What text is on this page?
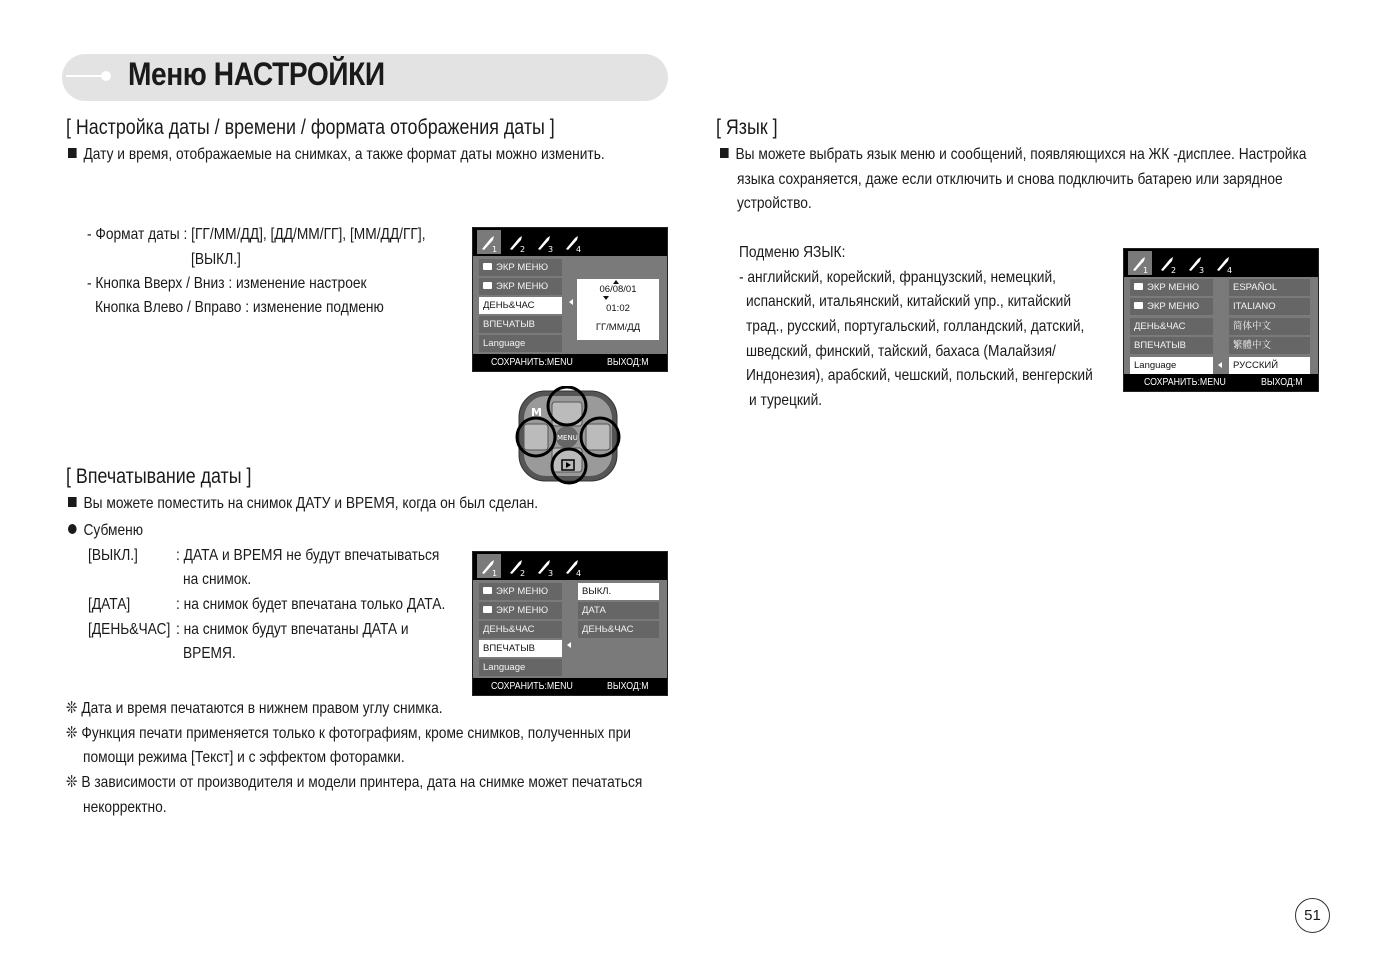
Меню НАСТРОЙКИ
[ Настройка даты / времени / формата отображения даты ]
Дату и время, отображаемые на снимках, а также формат даты можно изменить.
- Формат даты : [ГГ/ММ/ДД], [ДД/ММ/ГГ], [ММ/ДД/ГГ],
[ВЫКЛ.]
- Кнопка Вверх / Вниз : изменение настроек
Кнопка Влево / Вправо : изменение подменю
1	2	3	4
ЭКР МЕНЮ
ЭКР МЕНЮ
ДЕНЬ&ЧАС
ВПЕЧАТЫВ
Language
06/08/01
01:02
ГГ/ММ/ДД
СОХРАНИТЬ:MENU	ВЫХОД:M
M
MENU
[ Впечатывание даты ]
Вы можете поместить на снимок ДАТУ и ВРЕМЯ, когда он был сделан.
Субменю
[ВЫКЛ.] : ДАТА и ВРЕМЯ не будут впечатываться
на снимок.
[ДАТА]	: на снимок будет впечатана только ДАТА.
[ДЕНЬ&ЧАС] : на снимок будут впечатаны ДАТА и
ВРЕМЯ.
1	2	3	4
ЭКР МЕНЮ
ЭКР МЕНЮ
ДЕНЬ&ЧАС
ВПЕЧАТЫВ
Language
ВЫКЛ.
ДАТА
ДЕНЬ&ЧАС
СОХРАНИТЬ:MENU	ВЫХОД:M
❊ Дата и время печатаются в нижнем правом углу снимка.
❊ Функция печати применяется только к фотографиям, кроме снимков, полученных при
помощи режима [Текст] и с эффектом фоторамки.
❊ В зависимости от производителя и модели принтера, дата на снимке может печататься
некорректно.
[ Язык ]
Вы можете выбрать язык меню и сообщений, появляющихся на ЖК -дисплее. Настройка
языка сохраняется, даже если отключить и снова подключить батарею или зарядное
устройство.
Подменю ЯЗЫК:
- английский, корейский, французский, немецкий,
испанский, итальянский, китайский упр., китайский
трад., русский, португальский, голландский, датский,
шведский, финский, тайский, бахаса (Малайзия/
Индонезия), арабский, чешский, польский, венгерский
и турецкий.
1	2	3	4
ЭКР МЕНЮ
ЭКР МЕНЮ
ДЕНЬ&ЧАС
ВПЕЧАТЫВ
Language
ESPAÑOL
ITALIANO
简体中文
繁體中文
РУССКИЙ
СОХРАНИТЬ:MENU	ВЫХОД:M
51
